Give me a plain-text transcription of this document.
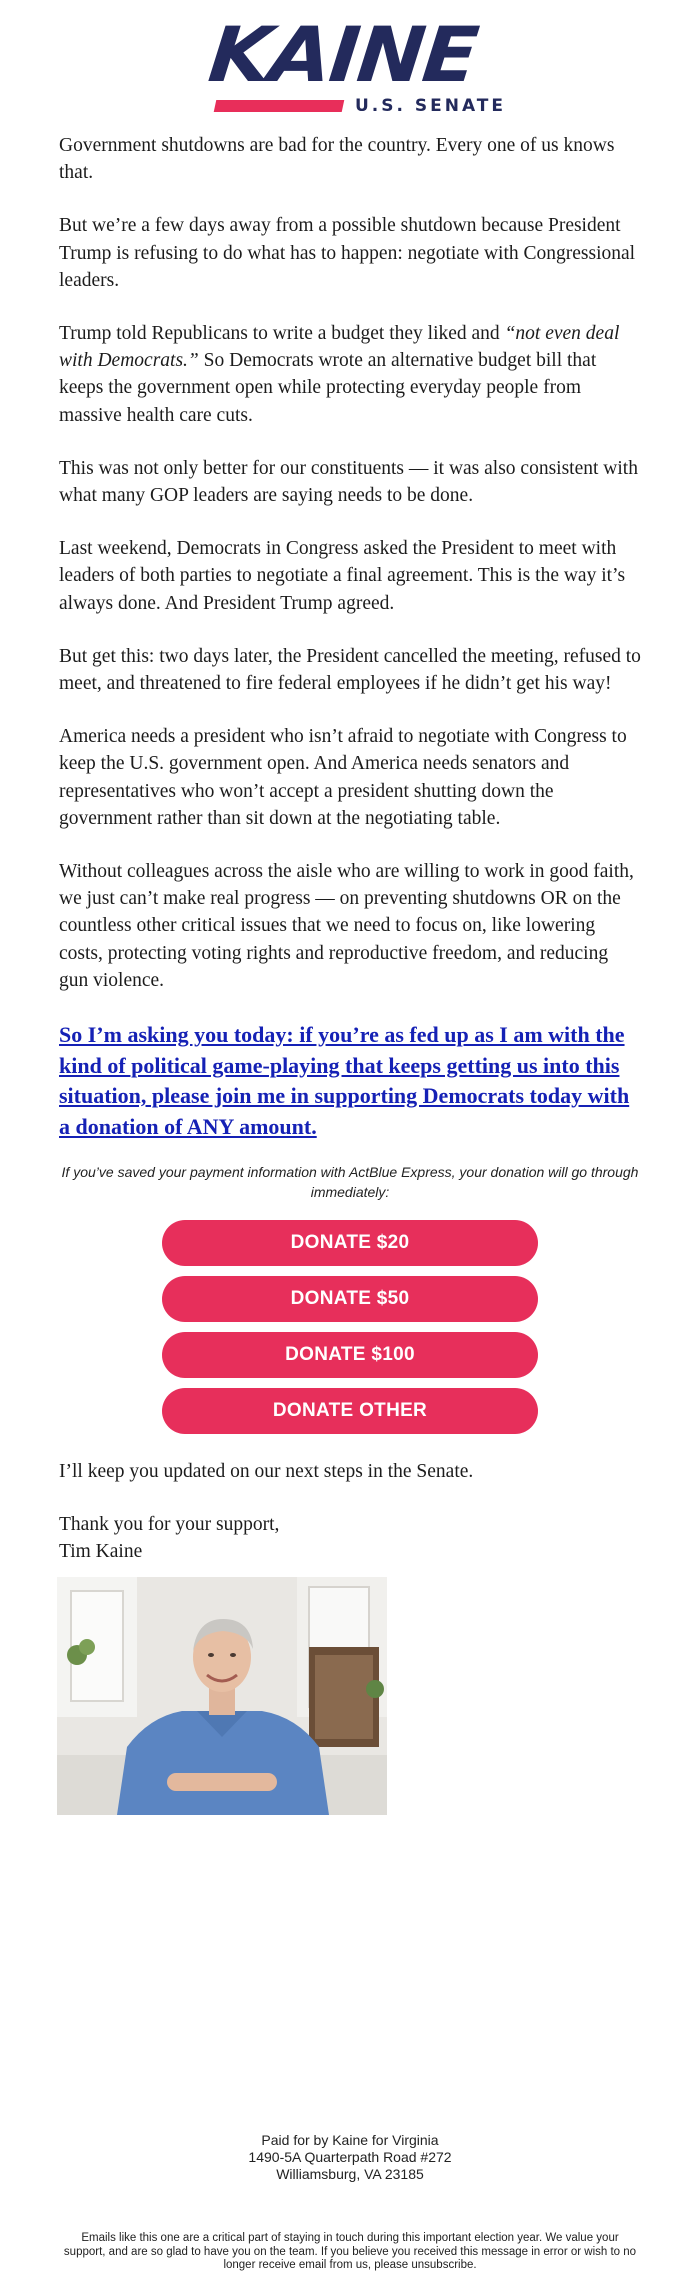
KAINE
U.S. SENATE

Government shutdowns are bad for the country. Every one of us knows that.

But we’re a few days away from a possible shutdown because President Trump is refusing to do what has to happen: negotiate with Congressional leaders.

Trump told Republicans to write a budget they liked and “not even deal with Democrats.” So Democrats wrote an alternative budget bill that keeps the government open while protecting everyday people from massive health care cuts.

This was not only better for our constituents — it was also consistent with what many GOP leaders are saying needs to be done.

Last weekend, Democrats in Congress asked the President to meet with leaders of both parties to negotiate a final agreement. This is the way it’s always done. And President Trump agreed.

But get this: two days later, the President cancelled the meeting, refused to meet, and threatened to fire federal employees if he didn’t get his way!

America needs a president who isn’t afraid to negotiate with Congress to keep the U.S. government open. And America needs senators and representatives who won’t accept a president shutting down the government rather than sit down at the negotiating table.

Without colleagues across the aisle who are willing to work in good faith, we just can’t make real progress — on preventing shutdowns OR on the countless other critical issues that we need to focus on, like lowering costs, protecting voting rights and reproductive freedom, and reducing gun violence.

So I’m asking you today: if you’re as fed up as I am with the kind of political game-playing that keeps getting us into this situation, please join me in supporting Democrats today with a donation of ANY amount.

If you’ve saved your payment information with ActBlue Express, your donation will go through immediately:

DONATE $20
DONATE $50
DONATE $100
DONATE OTHER

I’ll keep you updated on our next steps in the Senate.

Thank you for your support,
Tim Kaine

Paid for by Kaine for Virginia
1490-5A Quarterpath Road #272
Williamsburg, VA 23185
Emails like this one are a critical part of staying in touch during this important election year. We value your support, and are so glad to have you on the team. If you believe you received this message in error or wish to no longer receive email from us, please unsubscribe.
